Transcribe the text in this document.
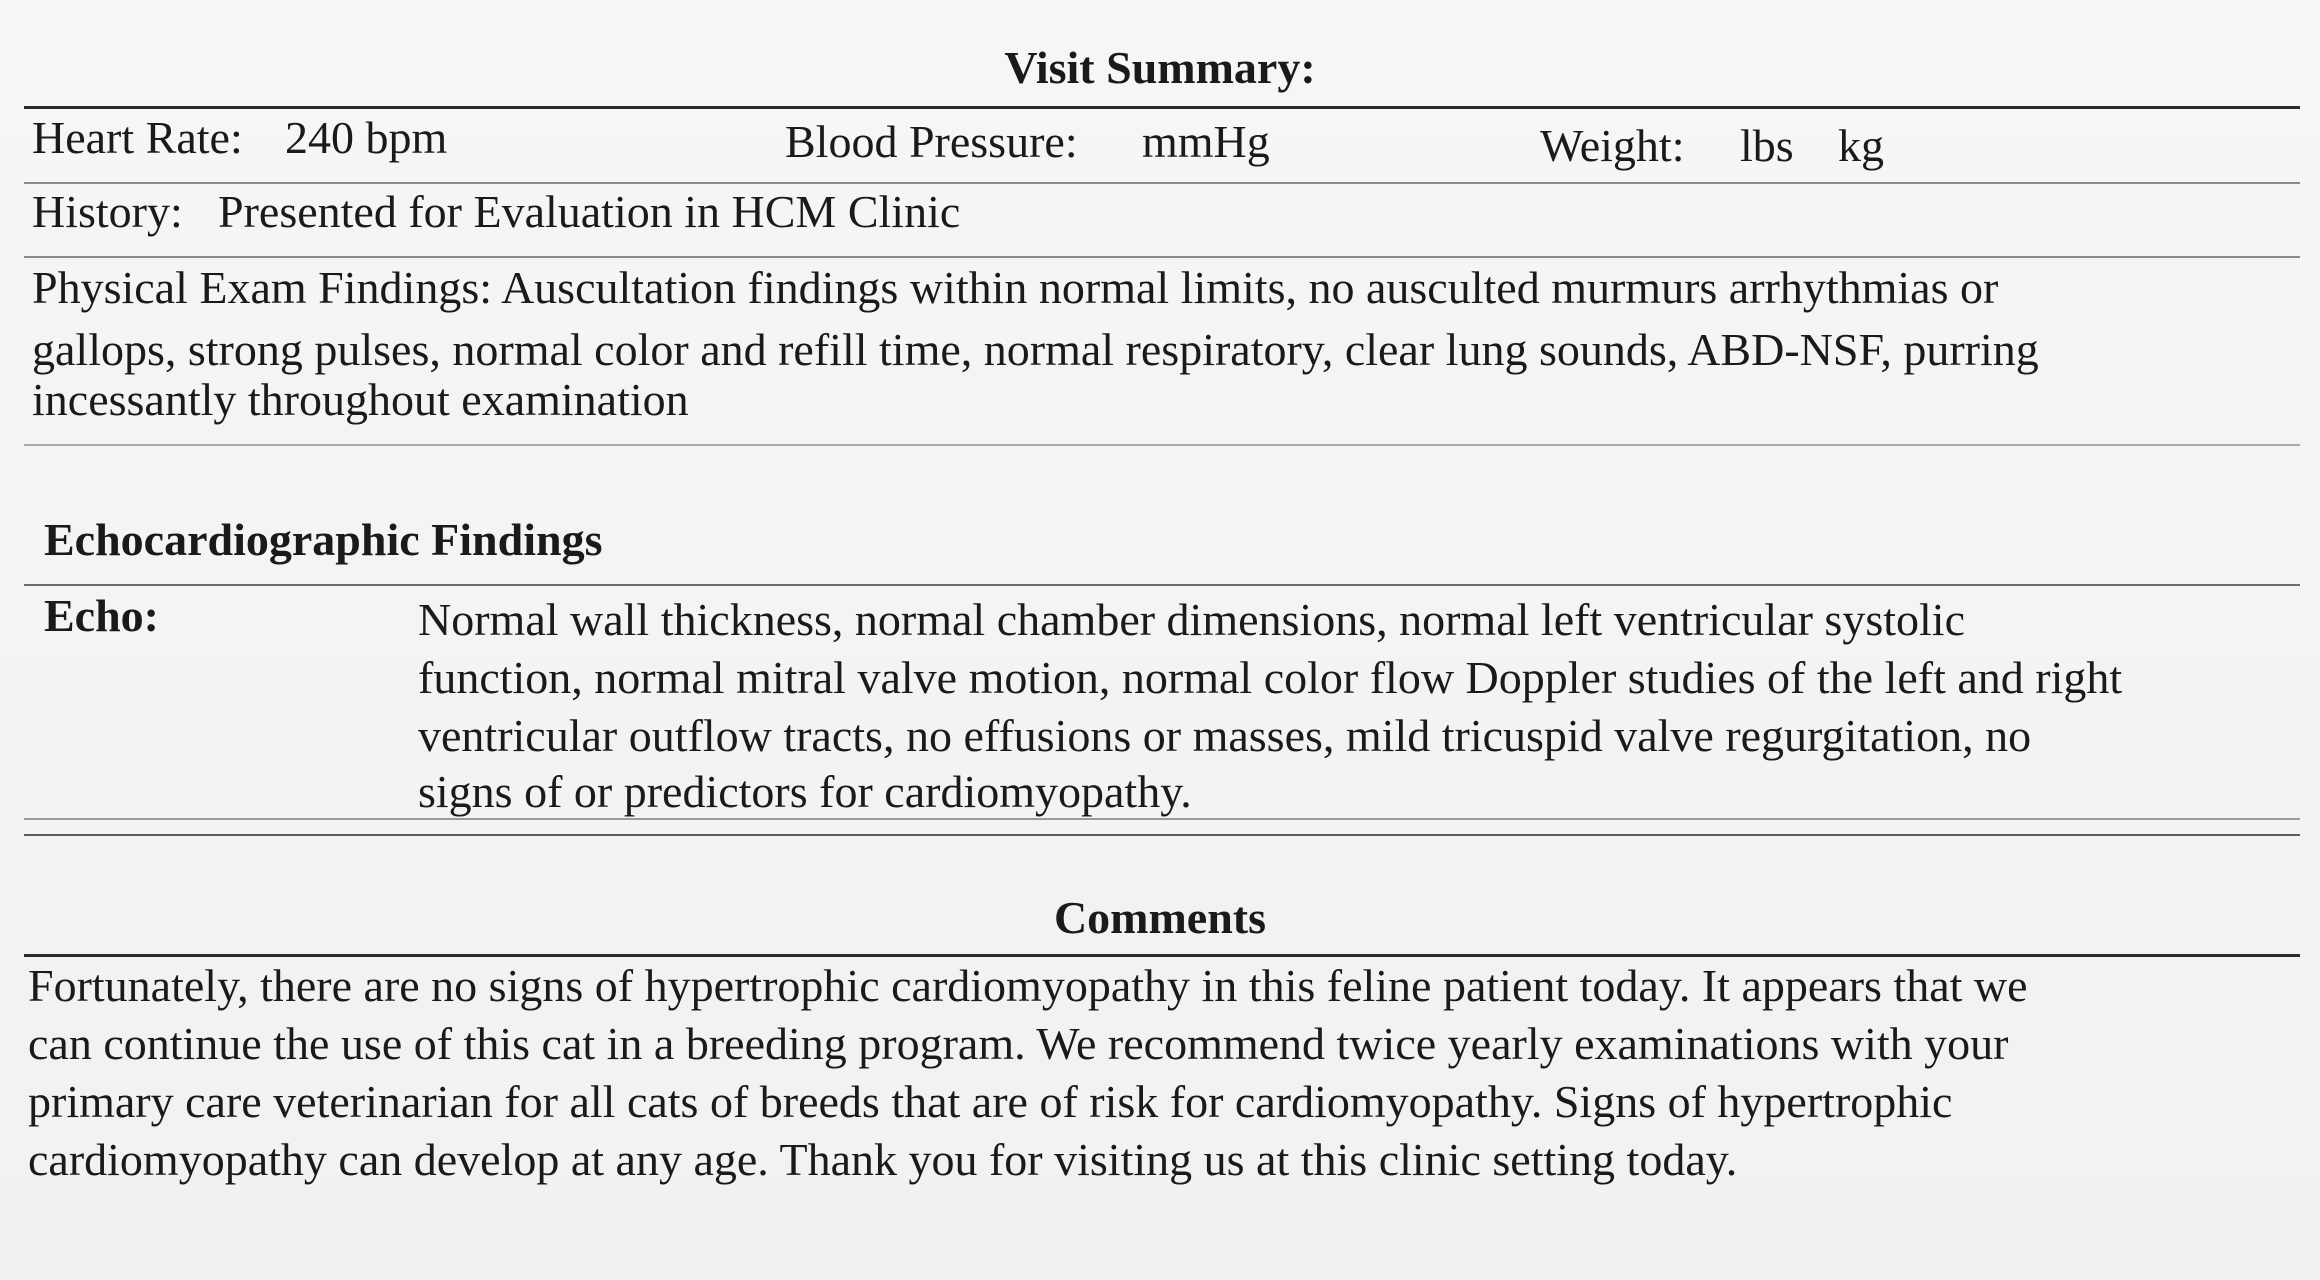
Visit Summary:
Heart Rate: 240 bpm	Blood Pressure: mmHg	Weight: lbs kg
History: Presented for Evaluation in HCM Clinic
Physical Exam Findings: Auscultation findings within normal limits, no ausculted murmurs arrhythmias or
gallops, strong pulses, normal color and refill time, normal respiratory, clear lung sounds, ABD-NSF, purring
incessantly throughout examination
Echocardiographic Findings
Echo:	Normal wall thickness, normal chamber dimensions, normal left ventricular systolic
function, normal mitral valve motion, normal color flow Doppler studies of the left and right
ventricular outflow tracts, no effusions or masses, mild tricuspid valve regurgitation, no
signs of or predictors for cardiomyopathy.
Comments
Fortunately, there are no signs of hypertrophic cardiomyopathy in this feline patient today. It appears that we
can continue the use of this cat in a breeding program. We recommend twice yearly examinations with your
primary care veterinarian for all cats of breeds that are of risk for cardiomyopathy. Signs of hypertrophic
cardiomyopathy can develop at any age. Thank you for visiting us at this clinic setting today.
